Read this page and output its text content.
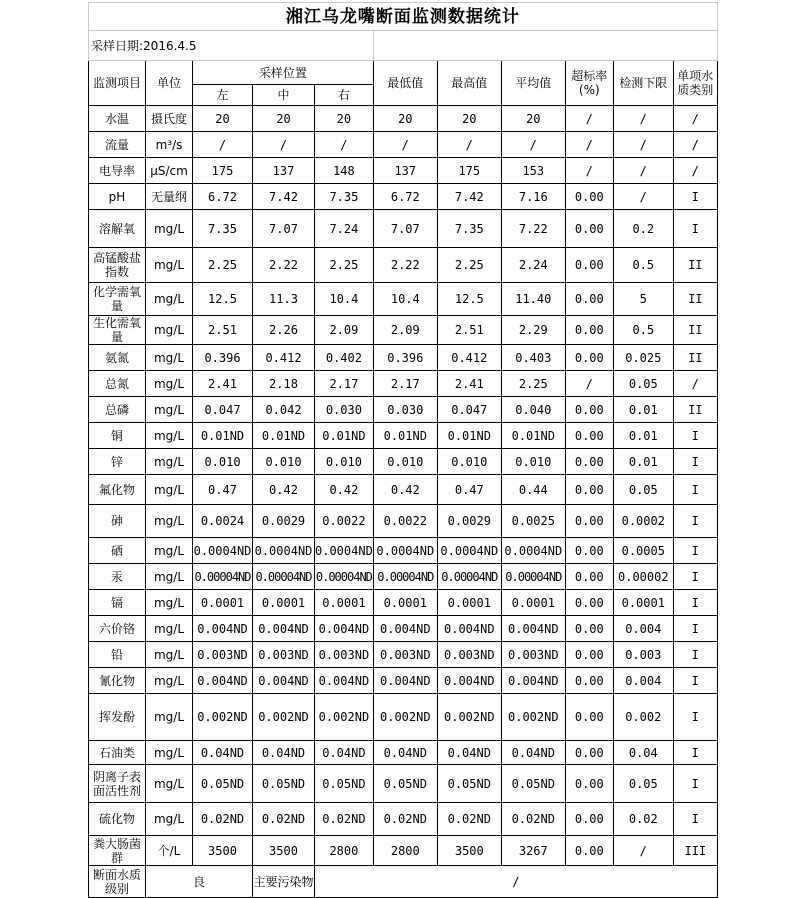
湘江乌龙嘴断面监测数据统计										
采样日期:2016.4.5										
监测项目	单位	采样位置			最低值	最高值	平均值	超标率(%)	检测下限	单项水质类别
		左	中	右						
水温	摄氏度	20	20	20	20	20	20	/	/	/
流量	m³/s	/	/	/	/	/	/	/	/	/
电导率	μS/cm	175	137	148	137	175	153	/	/	/
pH	无量纲	6.72	7.42	7.35	6.72	7.42	7.16	0.00	/	I
溶解氧	mg/L	7.35	7.07	7.24	7.07	7.35	7.22	0.00	0.2	I
高锰酸盐指数	mg/L	2.25	2.22	2.25	2.22	2.25	2.24	0.00	0.5	II
化学需氧量	mg/L	12.5	11.3	10.4	10.4	12.5	11.40	0.00	5	II
生化需氧量	mg/L	2.51	2.26	2.09	2.09	2.51	2.29	0.00	0.5	II
氨氮	mg/L	0.396	0.412	0.402	0.396	0.412	0.403	0.00	0.025	II
总氮	mg/L	2.41	2.18	2.17	2.17	2.41	2.25	/	0.05	/
总磷	mg/L	0.047	0.042	0.030	0.030	0.047	0.040	0.00	0.01	II
铜	mg/L	0.01ND	0.01ND	0.01ND	0.01ND	0.01ND	0.01ND	0.00	0.01	I
锌	mg/L	0.010	0.010	0.010	0.010	0.010	0.010	0.00	0.01	I
氟化物	mg/L	0.47	0.42	0.42	0.42	0.47	0.44	0.00	0.05	I
砷	mg/L	0.0024	0.0029	0.0022	0.0022	0.0029	0.0025	0.00	0.0002	I
硒	mg/L	0.0004ND	0.0004ND	0.0004ND	0.0004ND	0.0004ND	0.0004ND	0.00	0.0005	I
汞	mg/L	0.00004ND	0.00004ND	0.00004ND	0.00004ND	0.00004ND	0.00004ND	0.00	0.00002	I
镉	mg/L	0.0001	0.0001	0.0001	0.0001	0.0001	0.0001	0.00	0.0001	I
六价铬	mg/L	0.004ND	0.004ND	0.004ND	0.004ND	0.004ND	0.004ND	0.00	0.004	I
铅	mg/L	0.003ND	0.003ND	0.003ND	0.003ND	0.003ND	0.003ND	0.00	0.003	I
氰化物	mg/L	0.004ND	0.004ND	0.004ND	0.004ND	0.004ND	0.004ND	0.00	0.004	I
挥发酚	mg/L	0.002ND	0.002ND	0.002ND	0.002ND	0.002ND	0.002ND	0.00	0.002	I
石油类	mg/L	0.04ND	0.04ND	0.04ND	0.04ND	0.04ND	0.04ND	0.00	0.04	I
阴离子表面活性剂	mg/L	0.05ND	0.05ND	0.05ND	0.05ND	0.05ND	0.05ND	0.00	0.05	I
硫化物	mg/L	0.02ND	0.02ND	0.02ND	0.02ND	0.02ND	0.02ND	0.00	0.02	I
粪大肠菌群	个/L	3500	3500	2800	2800	3500	3267	0.00	/	III
断面水质级别	良		主要污染物	/						
